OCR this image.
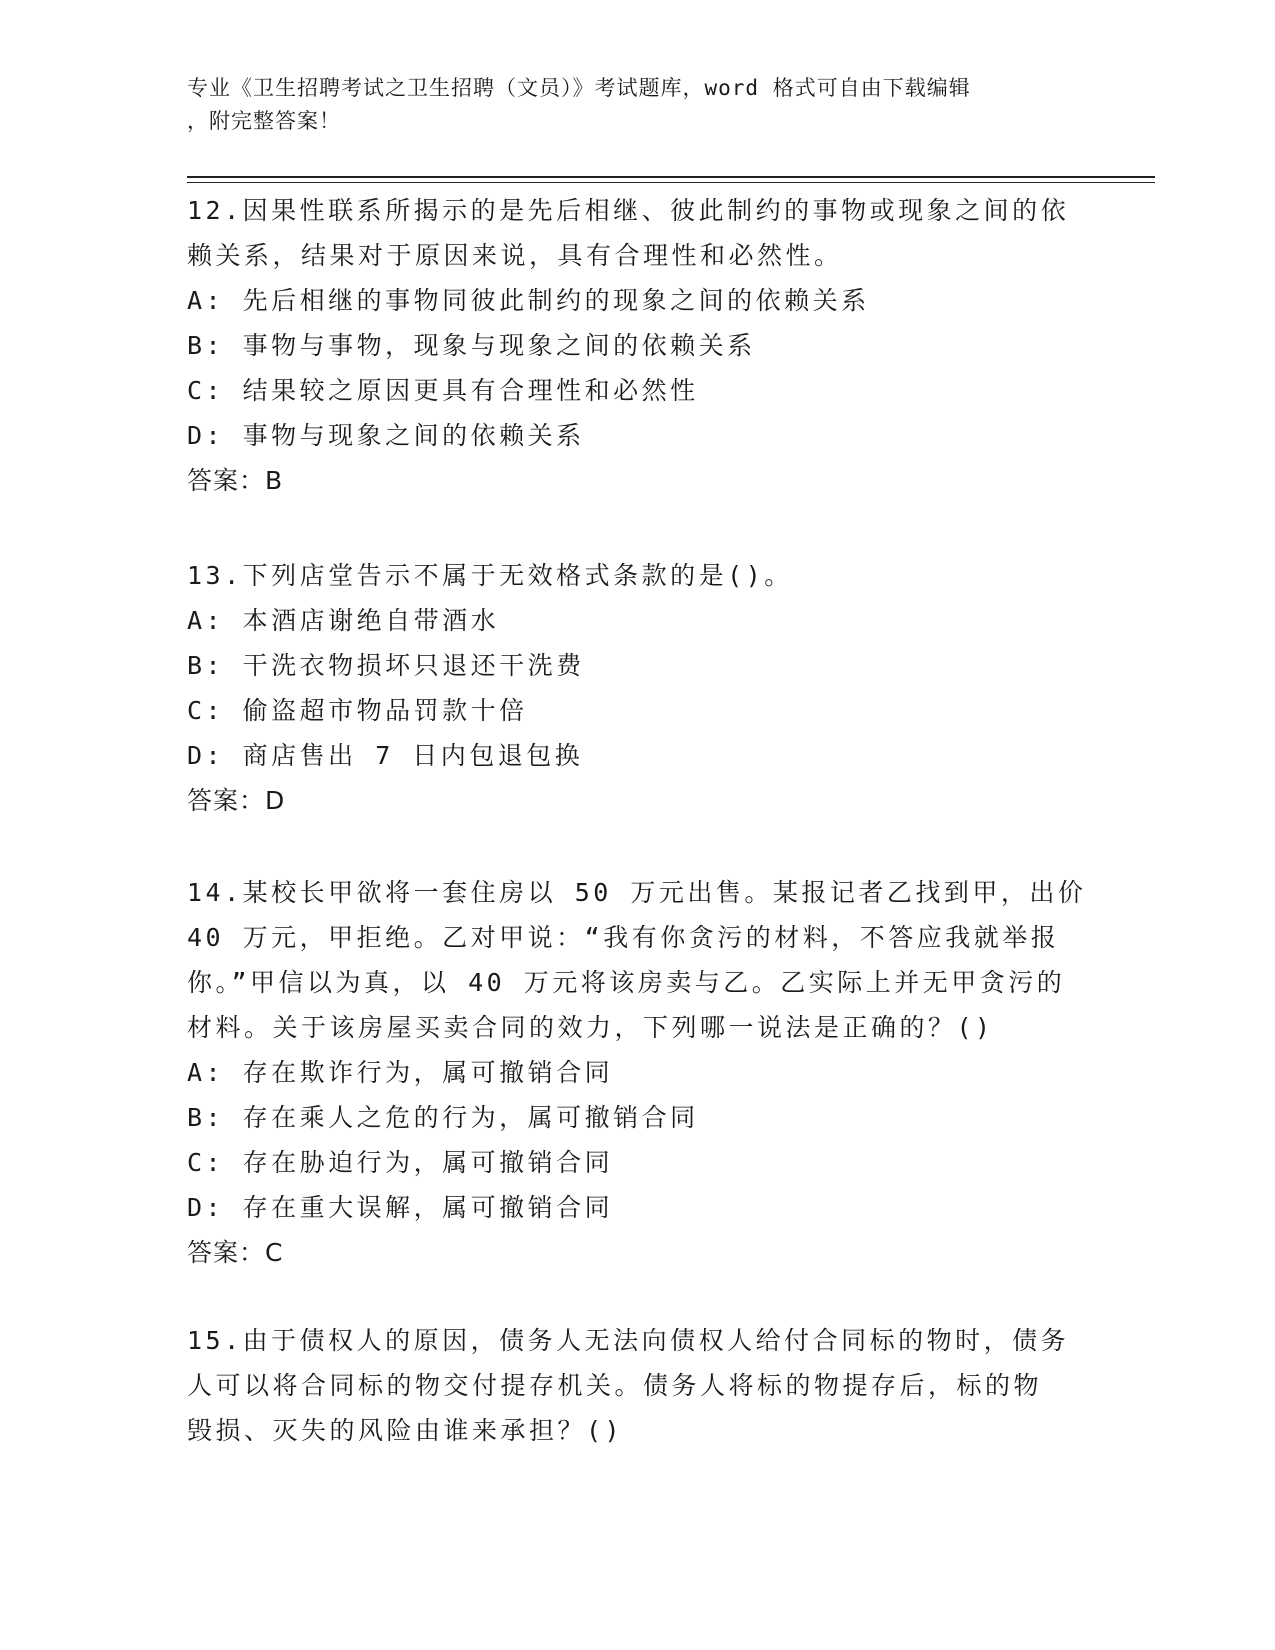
专业《卫生招聘考试之卫生招聘（文员）》考试题库，word 格式可自由下载编辑
，附完整答案！

12.因果性联系所揭示的是先后相继、彼此制约的事物或现象之间的依

赖关系，结果对于原因来说，具有合理性和必然性。

A: 先后相继的事物同彼此制约的现象之间的依赖关系

B: 事物与事物，现象与现象之间的依赖关系

C: 结果较之原因更具有合理性和必然性

D: 事物与现象之间的依赖关系

答案：B

13.下列店堂告示不属于无效格式条款的是()。

A: 本酒店谢绝自带酒水

B: 干洗衣物损坏只退还干洗费

C: 偷盗超市物品罚款十倍

D: 商店售出 7 日内包退包换

答案：D

14.某校长甲欲将一套住房以 50 万元出售。某报记者乙找到甲，出价

40 万元，甲拒绝。乙对甲说：“我有你贪污的材料，不答应我就举报

你。”甲信以为真，以 40 万元将该房卖与乙。乙实际上并无甲贪污的

材料。关于该房屋买卖合同的效力，下列哪一说法是正确的？()

A: 存在欺诈行为，属可撤销合同

B: 存在乘人之危的行为，属可撤销合同

C: 存在胁迫行为，属可撤销合同

D: 存在重大误解，属可撤销合同

答案：C

15.由于债权人的原因，债务人无法向债权人给付合同标的物时，债务

人可以将合同标的物交付提存机关。债务人将标的物提存后，标的物

毁损、灭失的风险由谁来承担？()
